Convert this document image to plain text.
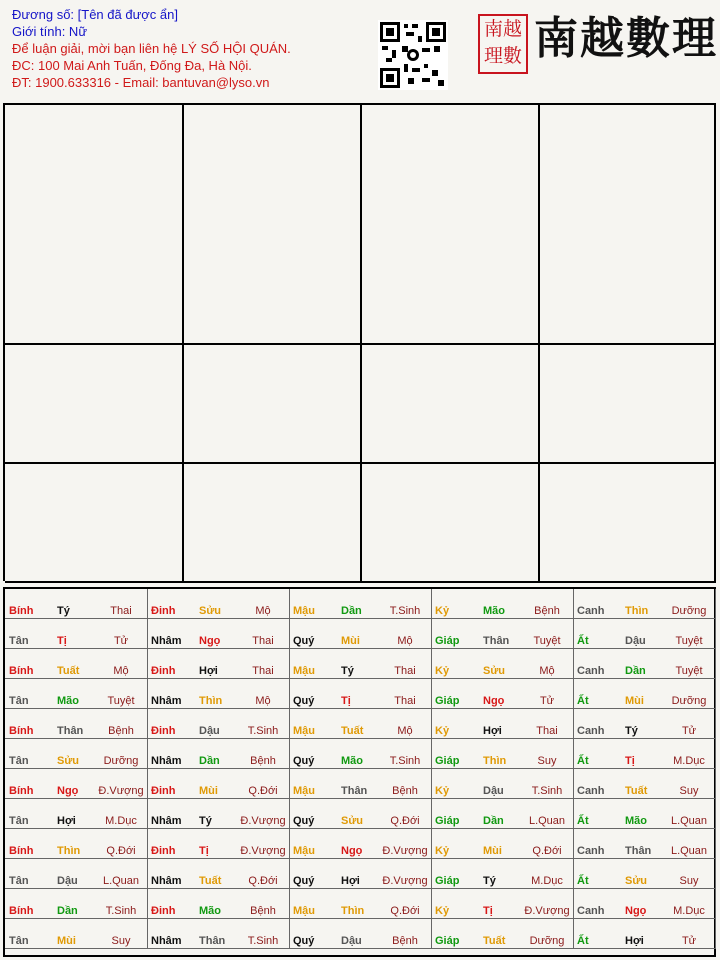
Đương số: [Tên đã được ẩn]
Giới tính: Nữ
Để luận giải, mời bạn liên hệ LÝ SỐ HỘI QUÁN.
ĐC: 100 Mai Anh Tuấn, Đống Đa, Hà Nội.
ĐT: 1900.633316 - Email: bantuvan@lyso.vn
南越理數 南越數理
Bính	Tý	Thai	Đinh	Sửu	Mộ	Mậu	Dần	T.Sinh	Kỷ	Mão	Bệnh	Canh	Thìn	Dưỡng
Tân	Tị	Tử	Nhâm	Ngọ	Thai	Quý	Mùi	Mộ	Giáp	Thân	Tuyệt	Ất	Dậu	Tuyệt
Bính	Tuất	Mộ	Đinh	Hợi	Thai	Mậu	Tý	Thai	Kỷ	Sửu	Mộ	Canh	Dần	Tuyệt
Tân	Mão	Tuyệt	Nhâm	Thìn	Mộ	Quý	Tị	Thai	Giáp	Ngọ	Tử	Ất	Mùi	Dưỡng
Bính	Thân	Bệnh	Đinh	Dậu	T.Sinh	Mậu	Tuất	Mộ	Kỷ	Hợi	Thai	Canh	Tý	Tử
Tân	Sửu	Dưỡng	Nhâm	Dần	Bệnh	Quý	Mão	T.Sinh	Giáp	Thìn	Suy	Ất	Tị	M.Dục
Bính	Ngọ	Đ.Vượng Đinh	Mùi	Q.Đới	Mậu	Thân	Bệnh	Kỷ	Dậu	T.Sinh	Canh	Tuất	Suy
Tân	Hợi	M.Dục	Nhâm	Tý	Đ.Vượng Quý	Sửu	Q.Đới	Giáp	Dần	L.Quan	Ất	Mão	L.Quan
Bính	Thìn	Q.Đới	Đinh	Tị	Đ.Vượng Mậu	Ngọ	Đ.Vượng Kỷ	Mùi	Q.Đới	Canh	Thân	L.Quan
Tân	Dậu	L.Quan	Nhâm	Tuất	Q.Đới	Quý	Hợi	Đ.Vượng Giáp	Tý	M.Dục	Ất	Sửu	Suy
Bính	Dần	T.Sinh	Đinh	Mão	Bệnh	Mậu	Thìn	Q.Đới	Kỷ	Tị	Đ.Vượng Canh	Ngọ	M.Dục
Tân	Mùi	Suy	Nhâm	Thân	T.Sinh	Quý	Dậu	Bệnh	Giáp	Tuất	Dưỡng	Ất	Hợi	Tử
